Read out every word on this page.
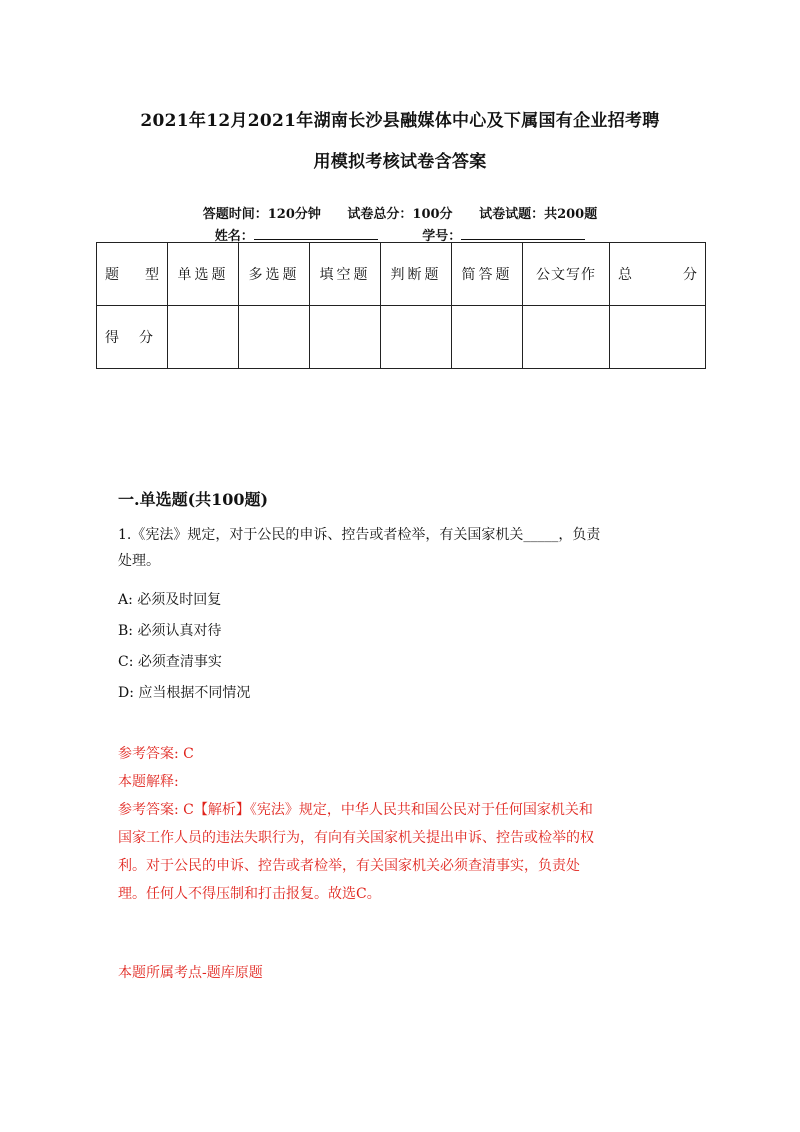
2021年12月2021年湖南长沙县融媒体中心及下属国有企业招考聘
用模拟考核试卷含答案
答题时间：120分钟 试卷总分：100分 试卷试题：共200题
姓名：	学号：
题 型	单选题	多选题	填空题	判断题	简答题	公文写作	总 分

得 分							

一.单选题(共100题)
1.《宪法》规定，对于公民的申诉、控告或者检举，有关国家机关_____，负责
处理。
A: 必须及时回复
B: 必须认真对待
C: 必须查清事实
D: 应当根据不同情况
参考答案: C
本题解释:
参考答案: C【解析】《宪法》规定，中华人民共和国公民对于任何国家机关和
国家工作人员的违法失职行为，有向有关国家机关提出申诉、控告或检举的权
利。对于公民的申诉、控告或者检举，有关国家机关必须查清事实，负责处
理。任何人不得压制和打击报复。故选C。
本题所属考点-题库原题
